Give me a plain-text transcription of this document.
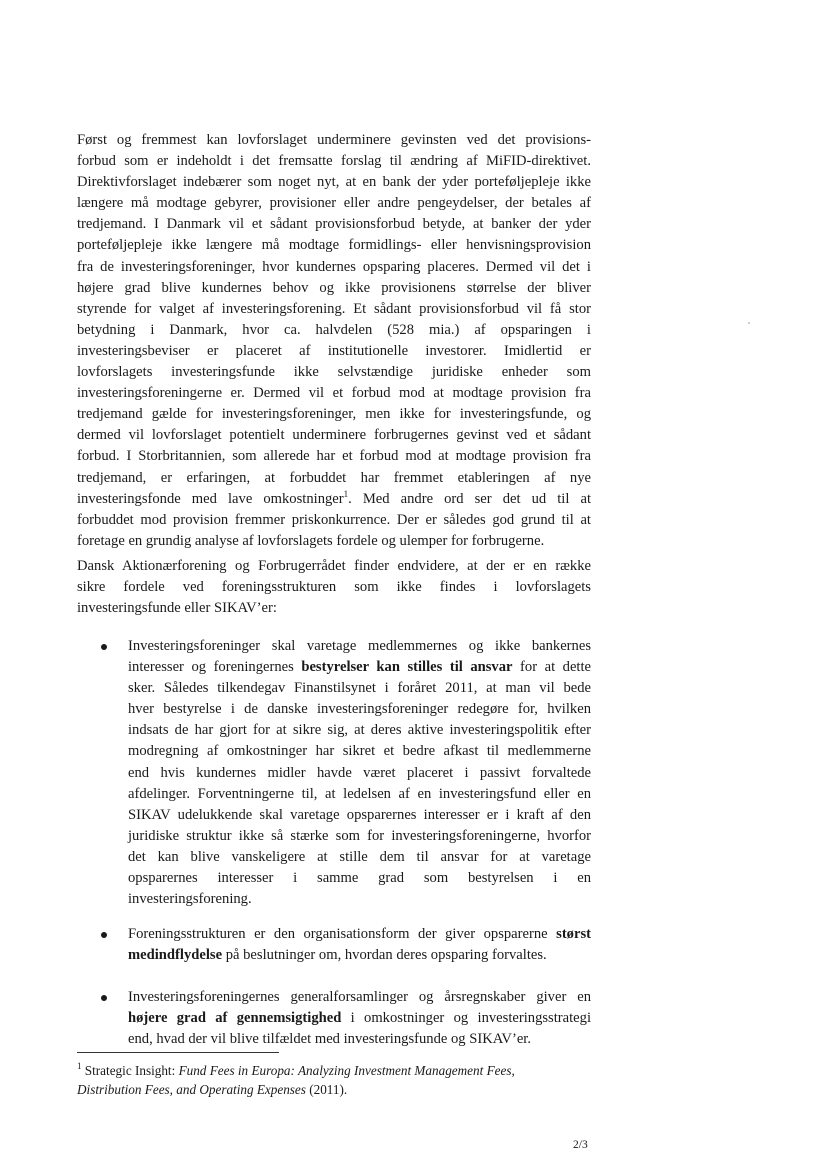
Først og fremmest kan lovforslaget underminere gevinsten ved det provisions-
forbud som er indeholdt i det fremsatte forslag til ændring af MiFID-direktivet.
Direktivforslaget indebærer som noget nyt, at en bank der yder porteføljepleje ikke
længere må modtage gebyrer, provisioner eller andre pengeydelser, der betales af
tredjemand. I Danmark vil et sådant provisionsforbud betyde, at banker der yder
porteføljepleje ikke længere må modtage formidlings- eller henvisningsprovision
fra de investeringsforeninger, hvor kundernes opsparing placeres. Dermed vil det i
højere grad blive kundernes behov og ikke provisionens størrelse der bliver
styrende for valget af investeringsforening. Et sådant provisionsforbud vil få stor
betydning i Danmark, hvor ca. halvdelen (528 mia.) af opsparingen i
investeringsbeviser er placeret af institutionelle investorer. Imidlertid er
lovforslagets investeringsfunde ikke selvstændige juridiske enheder som
investeringsforeningerne er. Dermed vil et forbud mod at modtage provision fra
tredjemand gælde for investeringsforeninger, men ikke for investeringsfunde, og
dermed vil lovforslaget potentielt underminere forbrugernes gevinst ved et sådant
forbud. I Storbritannien, som allerede har et forbud mod at modtage provision fra
tredjemand, er erfaringen, at forbuddet har fremmet etableringen af nye
investeringsfonde med lave omkostninger$^1$. Med andre ord ser det ud til at
forbuddet mod provision fremmer priskonkurrence. Der er således god grund til at
foretage en grundig analyse af lovforslagets fordele og ulemper for forbrugerne.
Dansk Aktionærforening og Forbrugerrådet finder endvidere, at der er en række
sikre fordele ved foreningsstrukturen som ikke findes i lovforslagets
investeringsfunde eller SIKAV’er:
Investeringsforeninger skal varetage medlemmernes og ikke bankernes
interesser og foreningernes bestyrelser kan stilles til ansvar for at dette
sker. Således tilkendegav Finanstilsynet i foråret 2011, at man vil bede
hver bestyrelse i de danske investeringsforeninger redegøre for, hvilken
indsats de har gjort for at sikre sig, at deres aktive investeringspolitik efter
modregning af omkostninger har sikret et bedre afkast til medlemmerne
end hvis kundernes midler havde været placeret i passivt forvaltede
afdelinger. Forventningerne til, at ledelsen af en investeringsfund eller en
SIKAV udelukkende skal varetage opsparernes interesser er i kraft af den
juridiske struktur ikke så stærke som for investeringsforeningerne, hvorfor
det kan blive vanskeligere at stille dem til ansvar for at varetage
opsparernes interesser i samme grad som bestyrelsen i en
investeringsforening.
Foreningsstrukturen er den organisationsform der giver opsparerne størst
medindflydelse på beslutninger om, hvordan deres opsparing forvaltes.
Investeringsforeningernes generalforsamlinger og årsregnskaber giver en
højere grad af gennemsigtighed i omkostninger og investeringsstrategi
end, hvad der vil blive tilfældet med investeringsfunde og SIKAV’er.
$^1$ Strategic Insight: Fund Fees in Europa: Analyzing Investment Management Fees,
Distribution Fees, and Operating Expenses (2011).
2/3
